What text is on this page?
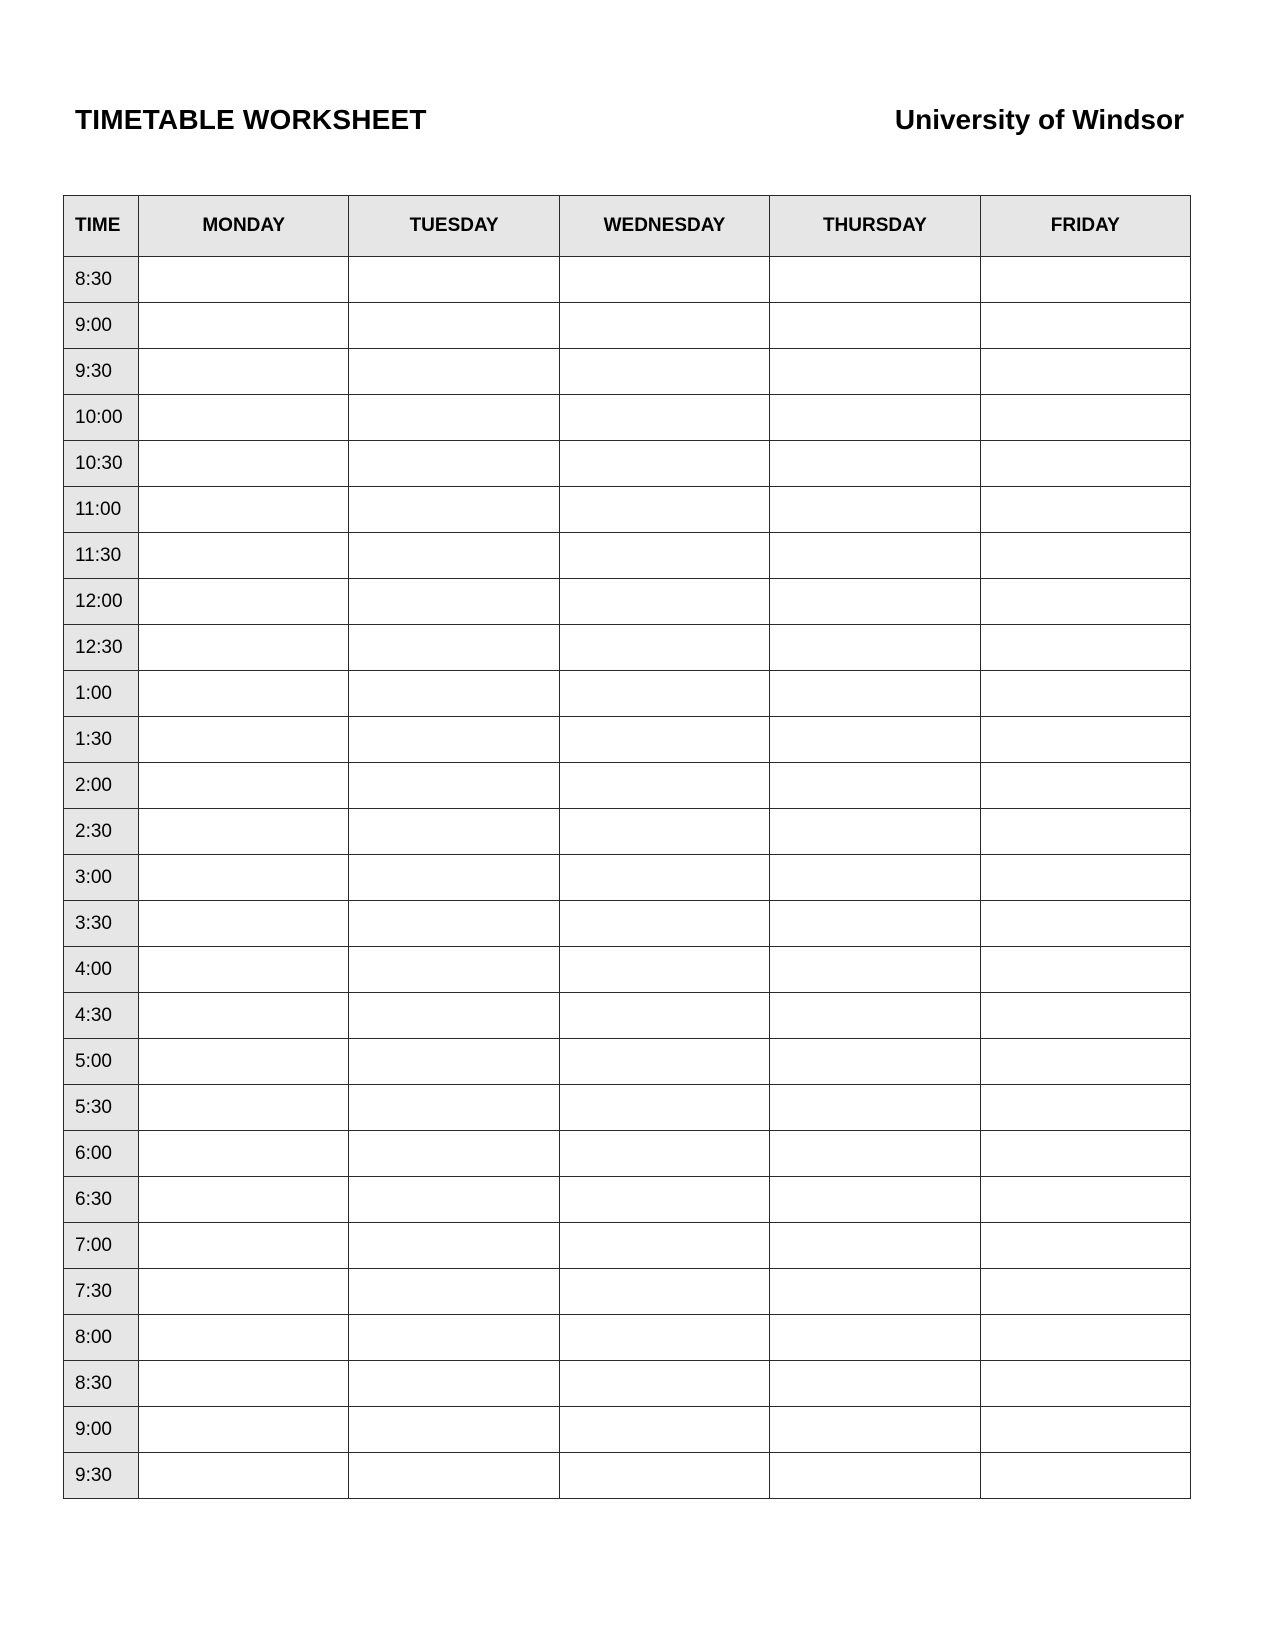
TIMETABLE WORKSHEET	University of Windsor
TIME	MONDAY	TUESDAY	WEDNESDAY	THURSDAY	FRIDAY
8:30					
9:00					
9:30					
10:00					
10:30					
11:00					
11:30					
12:00					
12:30					
1:00					
1:30					
2:00					
2:30					
3:00					
3:30					
4:00					
4:30					
5:00					
5:30					
6:00					
6:30					
7:00					
7:30					
8:00					
8:30					
9:00					
9:30					
